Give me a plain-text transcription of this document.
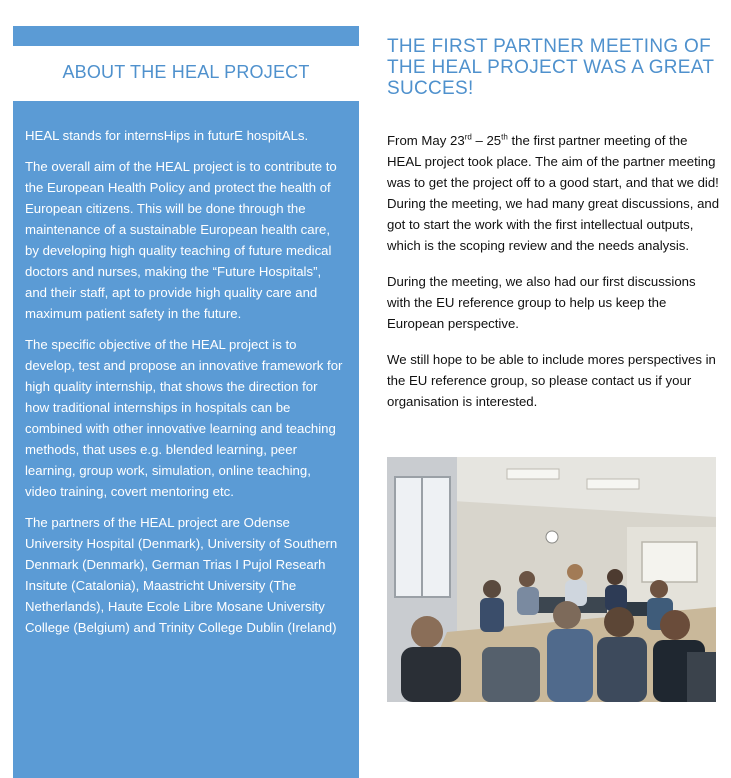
ABOUT THE HEAL PROJECT

HEAL stands for internsHips in futurE hospitALs.

The overall aim of the HEAL project is to contribute to the European Health Policy and protect the health of European citizens. This will be done through the maintenance of a sustainable European health care, by developing high quality teaching of future medical doctors and nurses, making the “Future Hospitals”, and their staff, apt to provide high quality care and maximum patient safety in the future.

The specific objective of the HEAL project is to develop, test and propose an innovative framework for high quality internship, that shows the direction for how traditional internships in hospitals can be combined with other innovative learning and teaching methods, that uses e.g. blended learning, peer learning, group work, simulation, online teaching, video training, covert mentoring etc.

The partners of the HEAL project are Odense University Hospital (Denmark), University of Southern Denmark (Denmark), German Trias I Pujol Researh Insitute (Catalonia), Maastricht University (The Netherlands), Haute Ecole Libre Mosane University College (Belgium) and Trinity College Dublin (Ireland)

THE FIRST PARTNER MEETING OF THE HEAL PROJECT WAS A GREAT SUCCES!

From May 23rd – 25th the first partner meeting of the HEAL project took place. The aim of the partner meeting was to get the project off to a good start, and that we did!
During the meeting, we had many great discussions, and got to start the work with the first intellectual outputs, which is the scoping review and the needs analysis.

During the meeting, we also had our first discussions with the EU reference group to help us keep the European perspective.

We still hope to be able to include mores perspectives in the EU reference group, so please contact us if your organisation is interested.
